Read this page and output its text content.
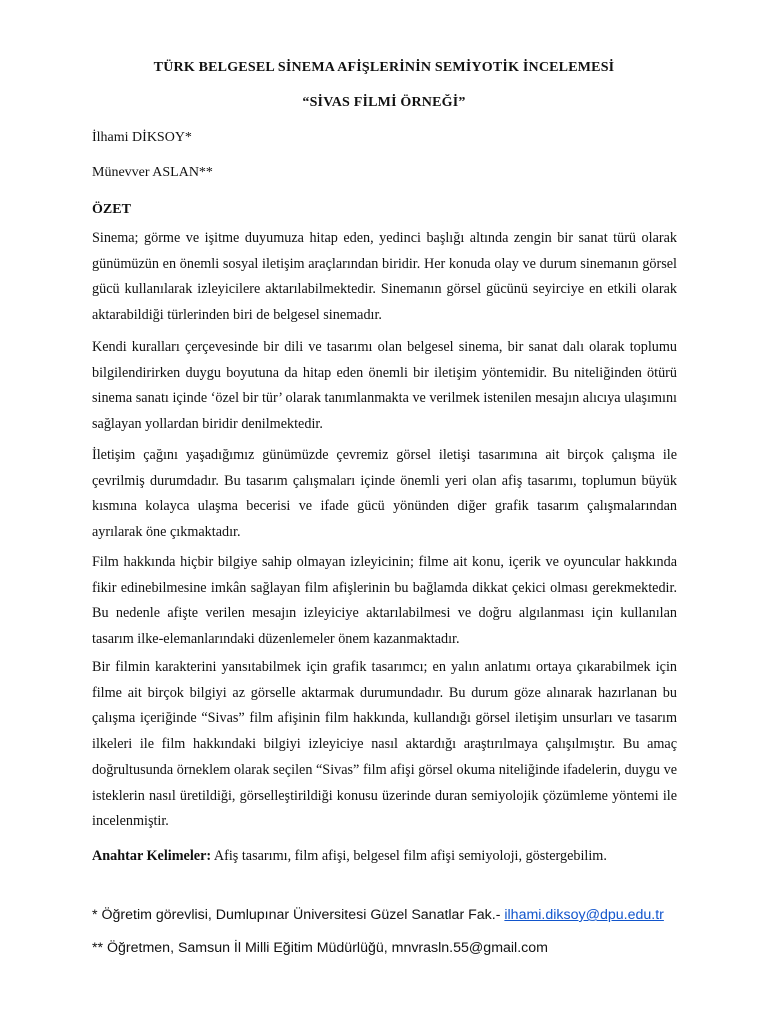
TÜRK BELGESEL SİNEMA AFİŞLERİNİN SEMİYOTİK İNCELEMESİ
“SİVAS FİLMİ ÖRNEĞİ”
İlhami DİKSOY*
Münevver ASLAN**
ÖZET

Sinema; görme ve işitme duyumuza hitap eden, yedinci başlığı altında zengin bir sanat türü olarak günümüzün en önemli sosyal iletişim araçlarından biridir. Her konuda olay ve durum sinemanın görsel gücü kullanılarak izleyicilere aktarılabilmektedir. Sinemanın görsel gücünü seyirciye en etkili olarak aktarabildiği türlerinden biri de belgesel sinemadır.

Kendi kuralları çerçevesinde bir dili ve tasarımı olan belgesel sinema, bir sanat dalı olarak toplumu bilgilendirirken duygu boyutuna da hitap eden önemli bir iletişim yöntemidir. Bu niteliğinden ötürü sinema sanatı içinde ‘özel bir tür’ olarak tanımlanmakta ve verilmek istenilen mesajın alıcıya ulaşımını sağlayan yollardan biridir denilmektedir.

İletişim çağını yaşadığımız günümüzde çevremiz görsel iletişi tasarımına ait birçok çalışma ile çevrilmiş durumdadır. Bu tasarım çalışmaları içinde önemli yeri olan afiş tasarımı, toplumun büyük kısmına kolayca ulaşma becerisi ve ifade gücü yönünden diğer grafik tasarım çalışmalarından ayrılarak öne çıkmaktadır.

Film hakkında hiçbir bilgiye sahip olmayan izleyicinin; filme ait konu, içerik ve oyuncular hakkında fikir edinebilmesine imkân sağlayan film afişlerinin bu bağlamda dikkat çekici olması gerekmektedir. Bu nedenle afişte verilen mesajın izleyiciye aktarılabilmesi ve doğru algılanması için kullanılan tasarım ilke-elemanlarındaki düzenlemeler önem kazanmaktadır.

Bir filmin karakterini yansıtabilmek için grafik tasarımcı; en yalın anlatımı ortaya çıkarabilmek için filme ait birçok bilgiyi az görselle aktarmak durumundadır. Bu durum göze alınarak hazırlanan bu çalışma içeriğinde “Sivas” film afişinin film hakkında, kullandığı görsel iletişim unsurları ve tasarım ilkeleri ile film hakkındaki bilgiyi izleyiciye nasıl aktardığı araştırılmaya çalışılmıştır. Bu amaç doğrultusunda örneklem olarak seçilen “Sivas” film afişi görsel okuma niteliğinde ifadelerin, duygu ve isteklerin nasıl üretildiği, görselleştirildiği konusu üzerinde duran semiyolojik çözümleme yöntemi ile incelenmiştir.

Anahtar Kelimeler: Afiş tasarımı, film afişi, belgesel film afişi semiyoloji, göstergebilim.

* Öğretim görevlisi, Dumlupınar Üniversitesi Güzel Sanatlar Fak.- ilhami.diksoy@dpu.edu.tr
** Öğretmen, Samsun İl Milli Eğitim Müdürlüğü, mnvrasln.55@gmail.com
